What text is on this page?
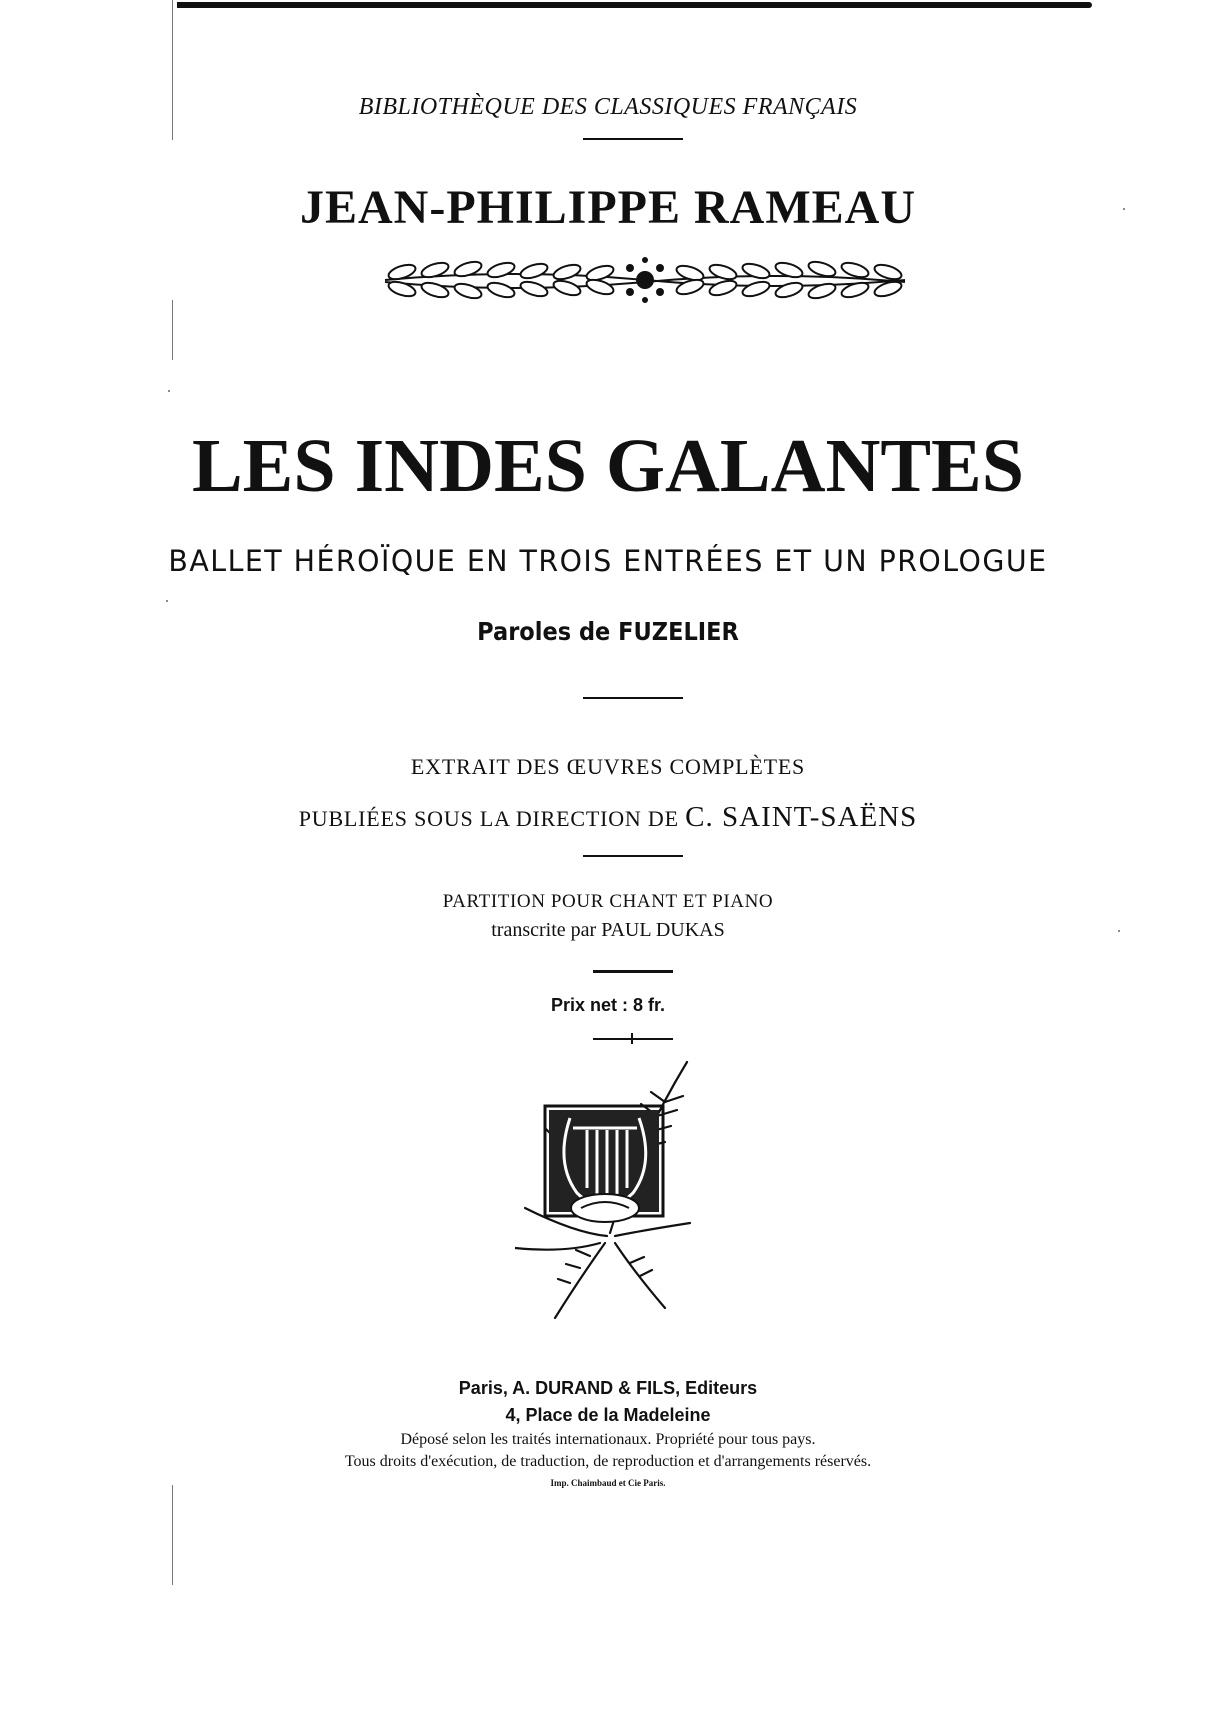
BIBLIOTHÈQUE DES CLASSIQUES FRANÇAIS
JEAN-PHILIPPE RAMEAU
LES INDES GALANTES
BALLET HÉROÏQUE EN TROIS ENTRÉES ET UN PROLOGUE
Paroles de FUZELIER
EXTRAIT DES ŒUVRES COMPLÈTES
PUBLIÉES SOUS LA DIRECTION DE C. SAINT-SAËNS
PARTITION POUR CHANT ET PIANO
transcrite par PAUL DUKAS
Prix net : 8 fr.
Paris, A. DURAND & FILS, Editeurs
4, Place de la Madeleine
Déposé selon les traités internationaux. Propriété pour tous pays.
Tous droits d'exécution, de traduction, de reproduction et d'arrangements réservés.
Imp. Chaimbaud et Cie Paris.
